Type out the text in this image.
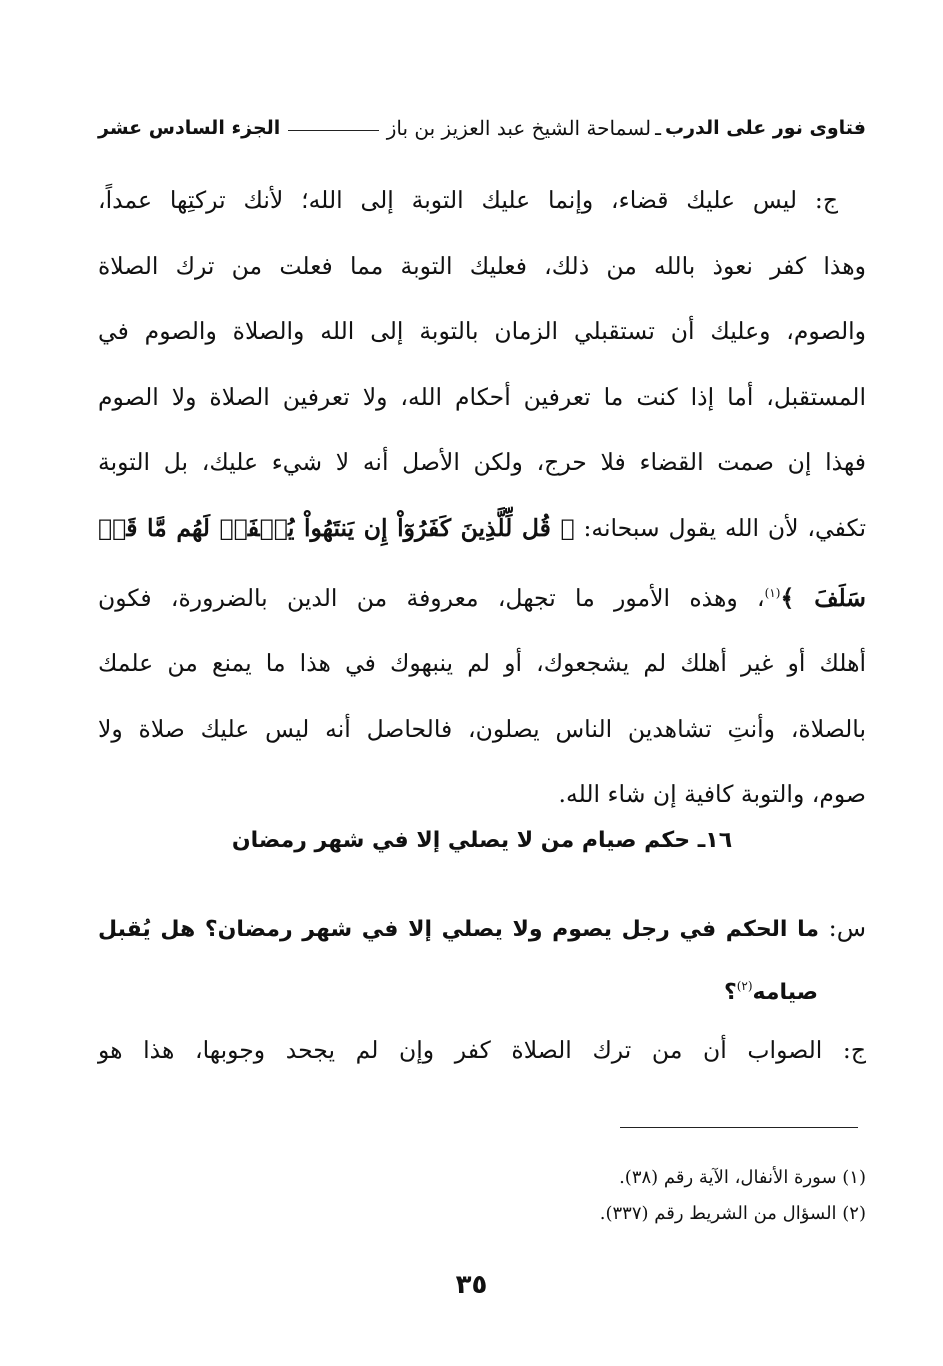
فتاوى نور على الدرب
ـ
لسماحة الشيخ عبد العزيز بن باز
الجزء السادس عشر
ج: ليس عليك قضاء، وإنما عليك التوبة إلى الله؛ لأنك تركتِها عمداً،
وهذا كفر نعوذ بالله من ذلك، فعليك التوبة مما فعلت من ترك الصلاة
والصوم، وعليك أن تستقبلي الزمان بالتوبة إلى الله والصلاة والصوم في
المستقبل، أما إذا كنت ما تعرفين أحكام الله، ولا تعرفين الصلاة ولا الصوم
فهذا إن صمت القضاء فلا حرج، ولكن الأصل أنه لا شيء عليك، بل التوبة
تكفي، لأن الله يقول سبحانه: ﴿ قُل لِّلَّذِينَ كَفَرُوٓاْ إِن يَنتَهُواْ يُغۡفَرۡ لَهُم مَّا قَدۡ
سَلَفَ ﴾$^{(١)}$، وهذه الأمور ما تجهل، معروفة من الدين بالضرورة، فكون
أهلك أو غير أهلك لم يشجعوك، أو لم ينبهوك في هذا ما يمنع من علمك
بالصلاة، وأنتِ تشاهدين الناس يصلون، فالحاصل أنه ليس عليك صلاة ولا
صوم، والتوبة كافية إن شاء الله.
١٦ـ حكم صيام من لا يصلي إلا في شهر رمضان
س: ما الحكم في رجل يصوم ولا يصلي إلا في شهر رمضان؟ هل يُقبل
صيامه$^{(٢)}$؟
ج: الصواب أن من ترك الصلاة كفر وإن لم يجحد وجوبها، هذا هو
(١) سورة الأنفال، الآية رقم (٣٨).
(٢) السؤال من الشريط رقم (٣٣٧).
٣٥
